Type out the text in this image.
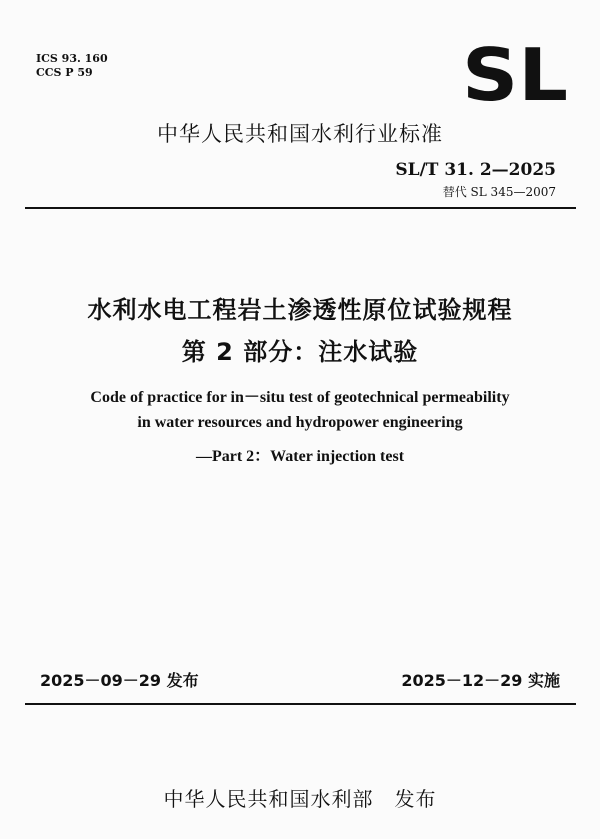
ICS 93. 160
CCS P 59	SL
中华人民共和国水利行业标准
SL/T 31. 2—2025
替代 SL 345—2007
水利水电工程岩土渗透性原位试验规程
第 2 部分：注水试验
Code of practice for in－situ test of geotechnical permeability
in water resources and hydropower engineering
—Part 2：Water injection test
2025－09－29 发布	2025－12－29 实施
中华人民共和国水利部　发布
